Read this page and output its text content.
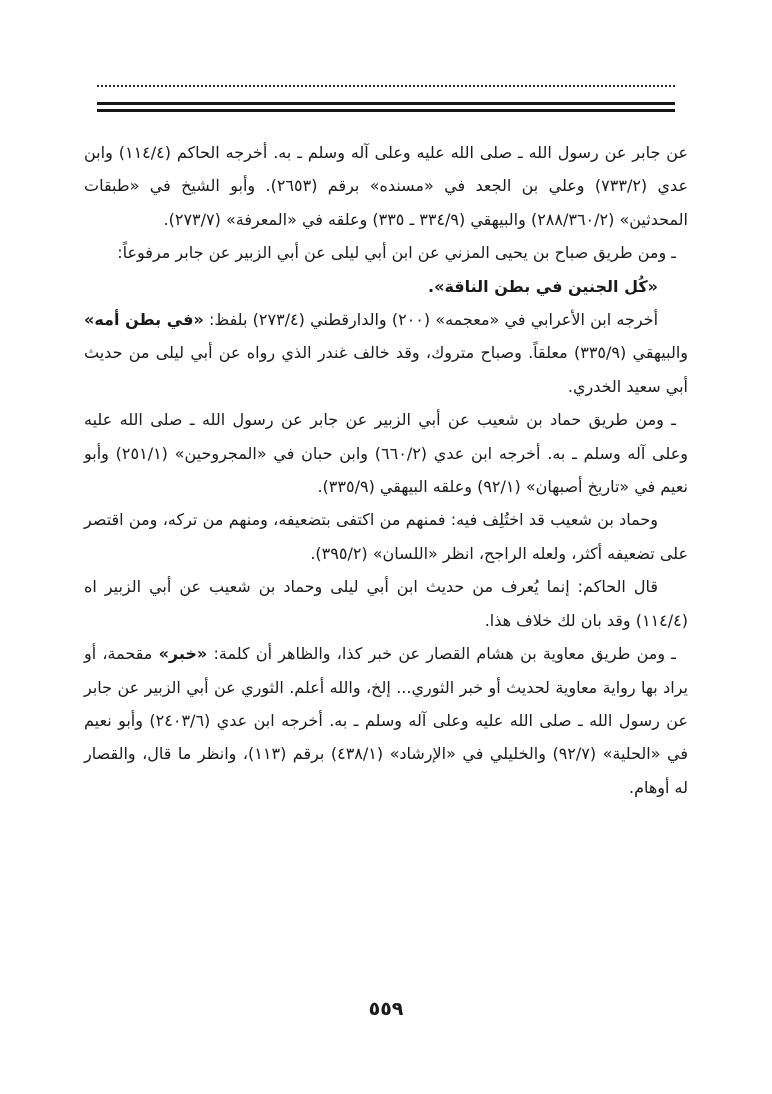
عن جابر عن رسول الله ـ صلى الله عليه وعلى آله وسلم ـ به. أخرجه الحاكم (١١٤/٤) وابن عدي (٧٣٣/٢) وعلي بن الجعد في «مسنده» برقم (٢٦٥٣). وأبو الشيخ في «طبقات المحدثين» (٢٨٨/٣٦٠/٢) والبيهقي (٣٣٤/٩ ـ ٣٣٥) وعلقه في «المعرفة» (٢٧٣/٧).

ـ ومن طريق صباح بن يحيى المزني عن ابن أبي ليلى عن أبي الزبير عن جابر مرفوعاً:

«كُل الجنين في بطن الناقة».

أخرجه ابن الأعرابي في «معجمه» (٢٠٠) والدارقطني (٢٧٣/٤) بلفظ: «في بطن أمه» والبيهقي (٣٣٥/٩) معلقاً. وصباح متروك، وقد خالف غندر الذي رواه عن أبي ليلى من حديث أبي سعيد الخدري.

ـ ومن طريق حماد بن شعيب عن أبي الزبير عن جابر عن رسول الله ـ صلى الله عليه وعلى آله وسلم ـ به. أخرجه ابن عدي (٦٦٠/٢) وابن حبان في «المجروحين» (٢٥١/١) وأبو نعيم في «تاريخ أصبهان» (٩٢/١) وعلقه البيهقي (٣٣٥/٩).

وحماد بن شعيب قد اختُلِف فيه: فمنهم من اكتفى بتضعيفه، ومنهم من تركه، ومن اقتصر على تضعيفه أكثر، ولعله الراجح، انظر «اللسان» (٣٩٥/٢).

قال الحاكم: إنما يُعرف من حديث ابن أبي ليلى وحماد بن شعيب عن أبي الزبير اه (١١٤/٤) وقد بان لك خلاف هذا.

ـ ومن طريق معاوية بن هشام القصار عن خبر كذا، والظاهر أن كلمة: «خبر» مقحمة، أو يراد بها رواية معاوية لحديث أو خبر الثوري... إلخ، والله أعلم. الثوري عن أبي الزبير عن جابر عن رسول الله ـ صلى الله عليه وعلى آله وسلم ـ به. أخرجه ابن عدي (٢٤٠٣/٦) وأبو نعيم في «الحلية» (٩٢/٧) والخليلي في «الإرشاد» (٤٣٨/١) برقم (١١٣)، وانظر ما قال، والقصار له أوهام.

٥٥٩
